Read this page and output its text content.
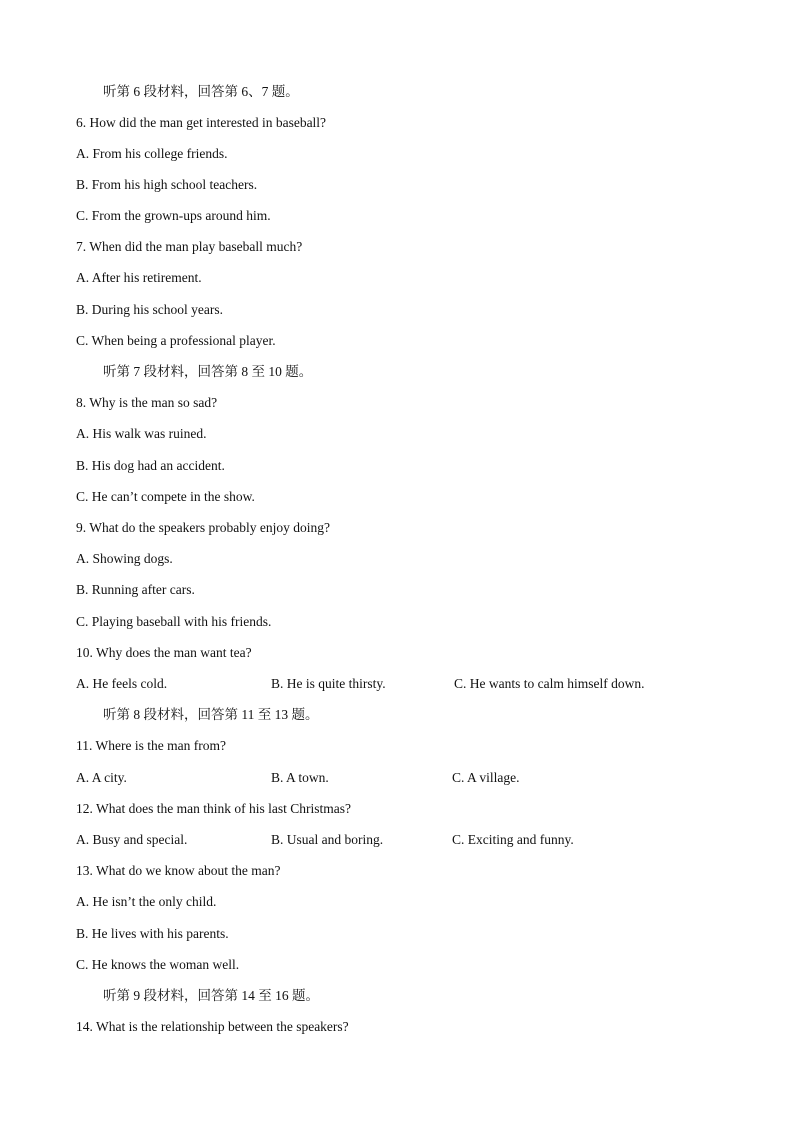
听第 6 段材料，回答第 6、7 题。
6. How did the man get interested in baseball?
A. From his college friends.
B. From his high school teachers.
C. From the grown-ups around him.
7. When did the man play baseball much?
A. After his retirement.
B. During his school years.
C. When being a professional player.
听第 7 段材料，回答第 8 至 10 题。
8. Why is the man so sad?
A. His walk was ruined.
B. His dog had an accident.
C. He can’t compete in the show.
9. What do the speakers probably enjoy doing?
A. Showing dogs.
B. Running after cars.
C. Playing baseball with his friends.
10. Why does the man want tea?
A. He feels cold.	B. He is quite thirsty.	C. He wants to calm himself down.
听第 8 段材料，回答第 11 至 13 题。
11. Where is the man from?
A. A city.	B. A town.	C. A village.
12. What does the man think of his last Christmas?
A. Busy and special.	B. Usual and boring.	C. Exciting and funny.
13. What do we know about the man?
A. He isn’t the only child.
B. He lives with his parents.
C. He knows the woman well.
听第 9 段材料，回答第 14 至 16 题。
14. What is the relationship between the speakers?
